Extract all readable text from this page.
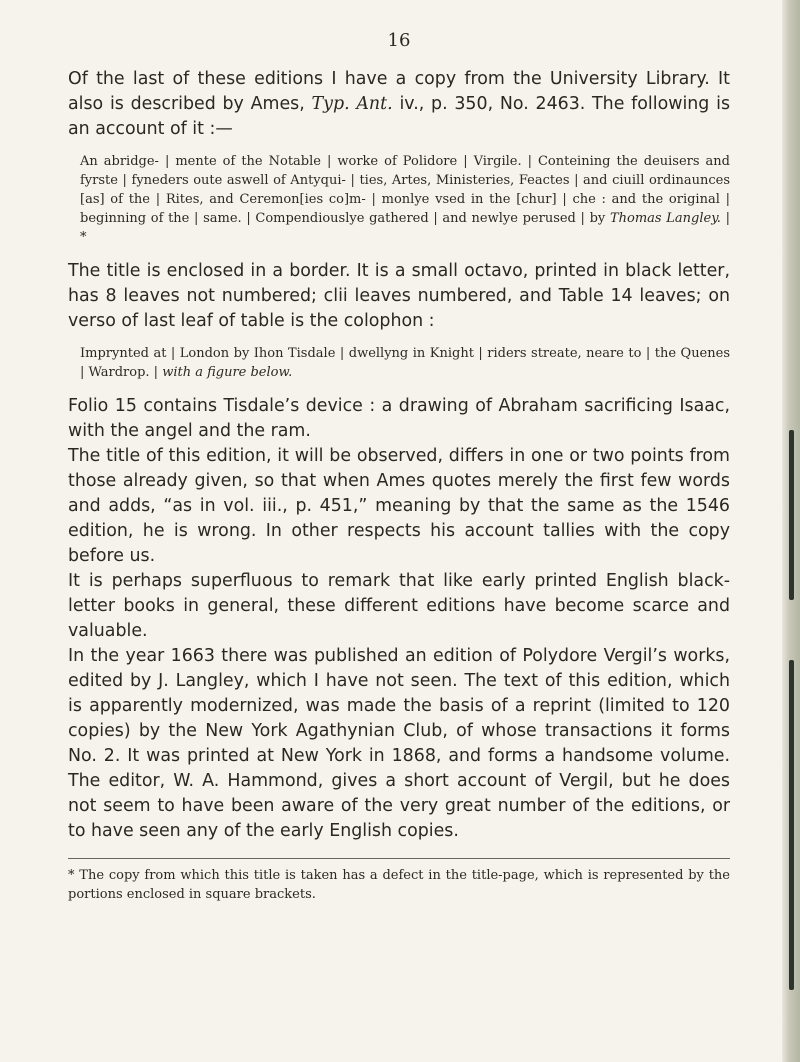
16

Of the last of these editions I have a copy from the University Library. It also is described by Ames, Typ. Ant. iv., p. 350, No. 2463. The following is an account of it :—

An abridge- | mente of the Notable | worke of Polidore | Virgile. | Conteining the deuisers and fyrste | fyneders oute aswell of Antyqui- | ties, Artes, Ministeries, Feactes | and ciuill ordinaunces [as] of the | Rites, and Ceremon[ies co]m- | monlye vsed in the [chur] | che : and the original | beginning of the | same. | Compendiouslye gathered | and newlye perused | by Thomas Langley. | *

The title is enclosed in a border. It is a small octavo, printed in black letter, has 8 leaves not numbered; clii leaves numbered, and Table 14 leaves; on verso of last leaf of table is the colophon :

Imprynted at | London by Ihon Tisdale | dwellyng in Knight | riders streate, neare to | the Quenes | Wardrop. | with a figure below.

Folio 15 contains Tisdale’s device : a drawing of Abraham sacrificing Isaac, with the angel and the ram.

The title of this edition, it will be observed, differs in one or two points from those already given, so that when Ames quotes merely the first few words and adds, “as in vol. iii., p. 451,” meaning by that the same as the 1546 edition, he is wrong. In other respects his account tallies with the copy before us.

It is perhaps superfluous to remark that like early printed English black-letter books in general, these different editions have become scarce and valuable.

In the year 1663 there was published an edition of Polydore Vergil’s works, edited by J. Langley, which I have not seen. The text of this edition, which is apparently modernized, was made the basis of a reprint (limited to 120 copies) by the New York Agathynian Club, of whose transactions it forms No. 2. It was printed at New York in 1868, and forms a handsome volume. The editor, W. A. Hammond, gives a short account of Vergil, but he does not seem to have been aware of the very great number of the editions, or to have seen any of the early English copies.

* The copy from which this title is taken has a defect in the title-page, which is represented by the portions enclosed in square brackets.
